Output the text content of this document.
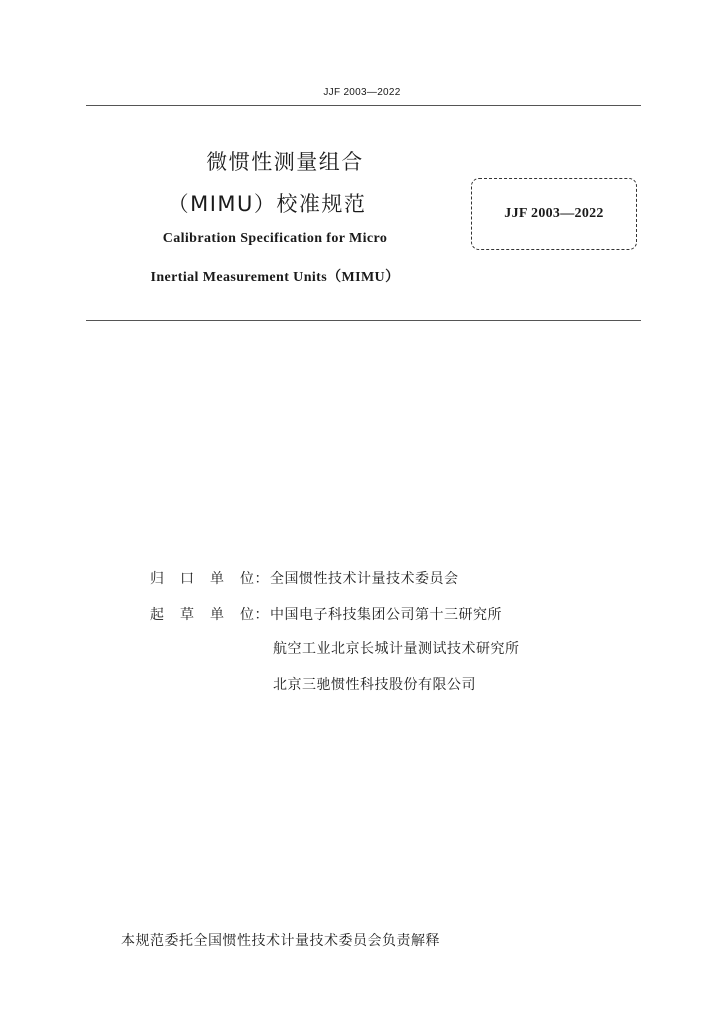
JJF 2003—2022
微惯性测量组合
（MIMU）校准规范
Calibration Specification for Micro
Inertial Measurement Units（MIMU）
JJF 2003—2022
归 口 单 位：全国惯性技术计量技术委员会
起 草 单 位：中国电子科技集团公司第十三研究所
航空工业北京长城计量测试技术研究所
北京三驰惯性科技股份有限公司
本规范委托全国惯性技术计量技术委员会负责解释
